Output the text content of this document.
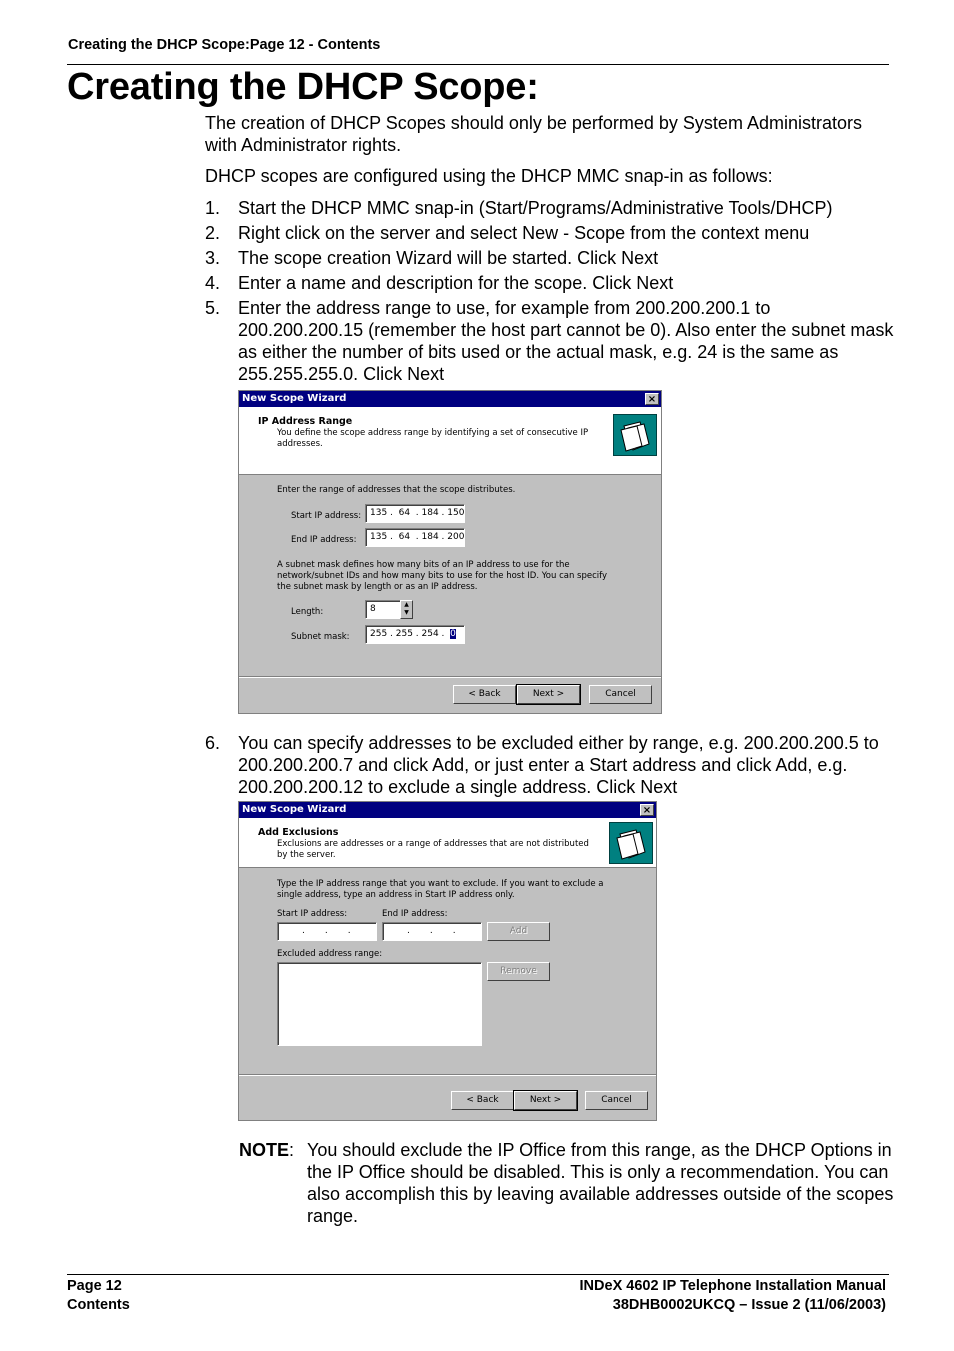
Creating the DHCP Scope:Page 12 - Contents
Creating the DHCP Scope:

The creation of DHCP Scopes should only be performed by System Administrators with Administrator rights.

DHCP scopes are configured using the DHCP MMC snap-in as follows:

1. Start the DHCP MMC snap-in (Start/Programs/Administrative Tools/DHCP)
2. Right click on the server and select New - Scope from the context menu
3. The scope creation Wizard will be started. Click Next
4. Enter a name and description for the scope. Click Next
5. Enter the address range to use, for example from 200.200.200.1 to 200.200.200.15 (remember the host part cannot be 0). Also enter the subnet mask as either the number of bits used or the actual mask, e.g. 24 is the same as 255.255.255.0. Click Next
New Scope Wizard	×
IP Address Range
You define the scope address range by identifying a set of consecutive IP addresses.
Enter the range of addresses that the scope distributes.
Start IP address: 135 .  64  . 184 . 150
End IP address:	135 .  64  . 184 . 200
A subnet mask defines how many bits of an IP address to use for the network/subnet IDs and how many bits to use for the host ID. You can specify the subnet mask by length or as an IP address.
Length:	8	▲
▼
Subnet mask:	255 . 255 . 254 .  0
< Back	Next >	Cancel
6. You can specify addresses to be excluded either by range, e.g. 200.200.200.5 to 200.200.200.7 and click Add, or just enter a Start address and click Add, e.g. 200.200.200.12 to exclude a single address. Click Next
New Scope Wizard	×
Add Exclusions
Exclusions are addresses or a range of addresses that are not distributed by the server.
Type the IP address range that you want to exclude. If you want to exclude a single address, type an address in Start IP address only.
Start IP address:	End IP address:
.       .       .	.       .       .	Add
Excluded address range:
Remove
< Back	Next >	Cancel
NOTE: You should exclude the IP Office from this range, as the DHCP Options in the IP Office should be disabled. This is only a recommendation. You can also accomplish this by leaving available addresses outside of the scopes range.
Page 12
Contents
INDeX 4602 IP Telephone Installation Manual
38DHB0002UKCQ – Issue 2 (11/06/2003)
